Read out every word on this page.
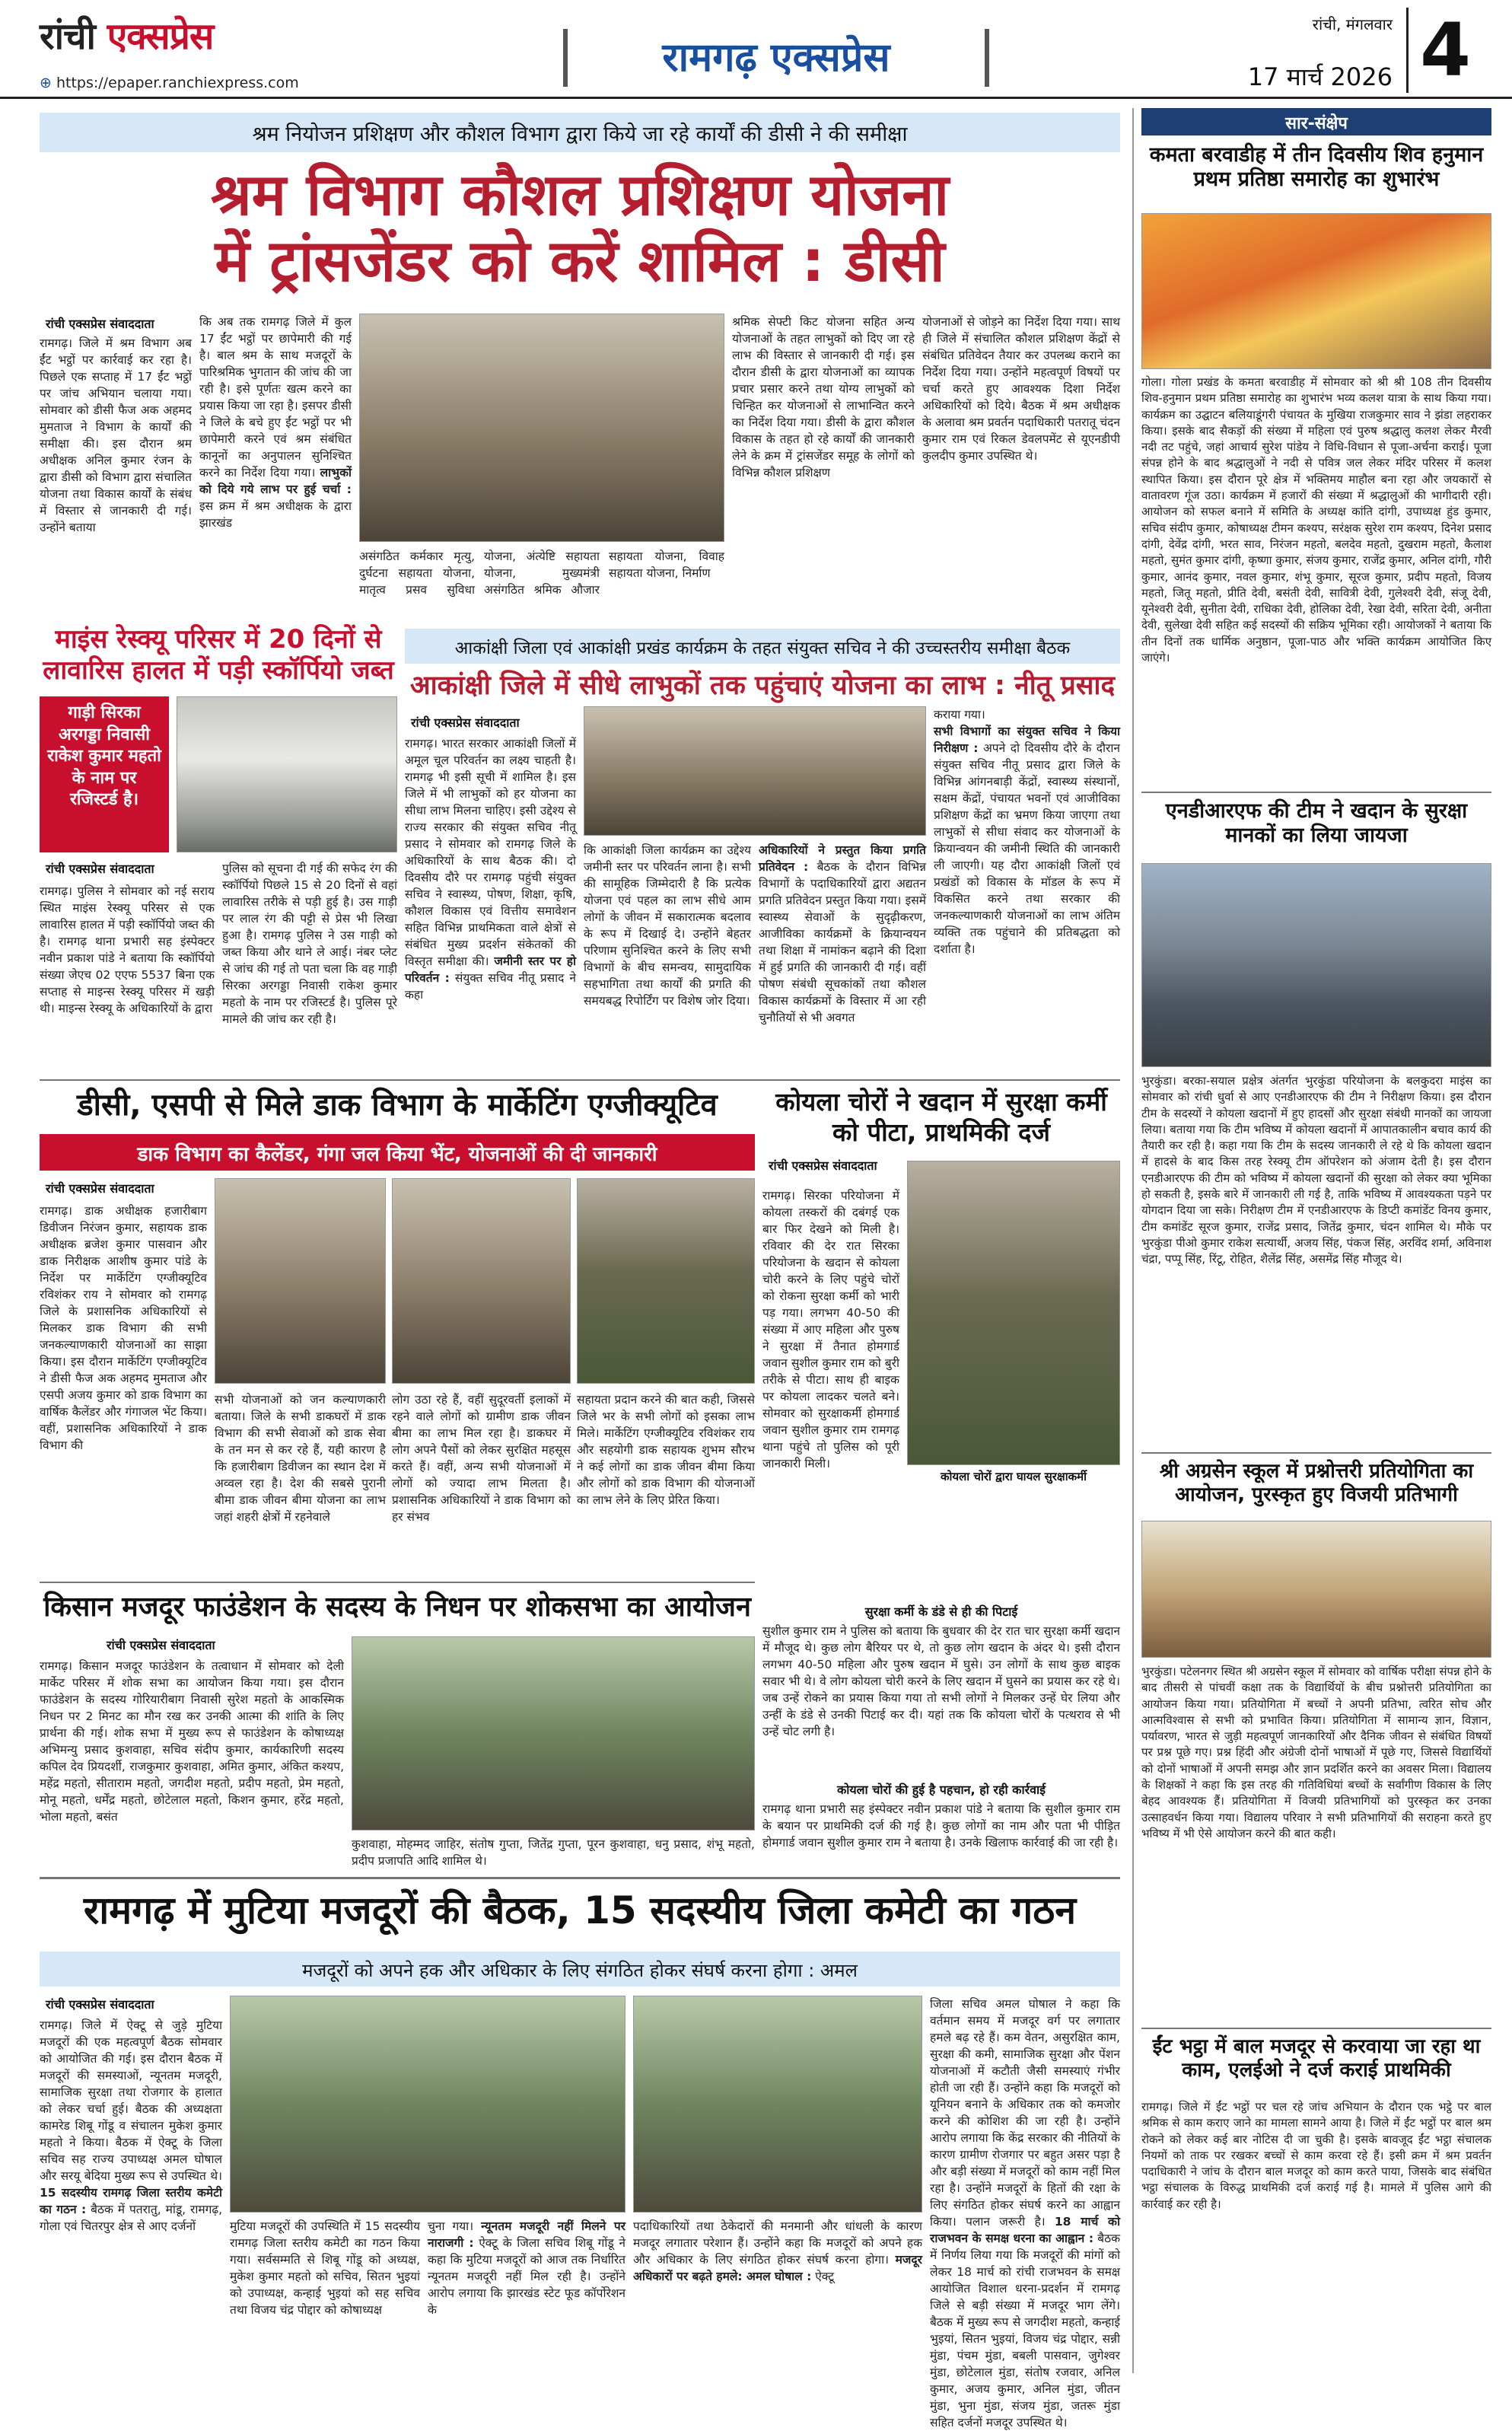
रांची एक्सप्रेस
⊕ https://epaper.ranchiexpress.com
रामगढ़ एक्सप्रेस
रांची, मंगलवार
17 मार्च 2026 4
श्रम नियोजन प्रशिक्षण और कौशल विभाग द्वारा किये जा रहे कार्यों की डीसी ने की समीक्षा
श्रम विभाग कौशल प्रशिक्षण योजना
में ट्रांसजेंडर को करें शामिल : डीसी
रांची एक्सप्रेस संवाददाता
रामगढ़। जिले में श्रम विभाग अब ईंट भट्ठों पर कार्रवाई कर रहा है। पिछले एक सप्ताह में 17 ईंट भट्ठों पर जांच अभियान चलाया गया। सोमवार को डीसी फैज अक अहमद मुमताज ने विभाग के कार्यों की समीक्षा की। इस दौरान श्रम अधीक्षक अनिल कुमार रंजन के द्वारा डीसी को विभाग द्वारा संचालित योजना तथा विकास कार्यों के संबंध में विस्तार से जानकारी दी गई। उन्होंने बताया
कि अब तक रामगढ़ जिले में कुल 17 ईंट भट्ठों पर छापेमारी की गई है। बाल श्रम के साथ मजदूरों के पारिश्रमिक भुगतान की जांच की जा रही है। इसे पूर्णतः खत्म करने का प्रयास किया जा रहा है। इसपर डीसी ने जिले के बचे हुए ईंट भट्ठों पर भी छापेमारी करने एवं श्रम संबंधित कानूनों का अनुपालन सुनिश्चित करने का निर्देश दिया गया। लाभुकों को दिये गये लाभ पर हुई चर्चा : इस क्रम में श्रम अधीक्षक के द्वारा झारखंड
असंगठित कर्मकार मृत्यु, दुर्घटना सहायता योजना, मातृत्व प्रसव सुविधा योजना, अंत्येष्टि सहायता योजना, मुख्यमंत्री असंगठित श्रमिक औजार सहायता योजना, विवाह सहायता योजना, निर्माण
श्रमिक सेफ्टी किट योजना सहित अन्य योजनाओं के तहत लाभुकों को दिए जा रहे लाभ की विस्तार से जानकारी दी गई। इस दौरान डीसी के द्वारा योजनाओं का व्यापक प्रचार प्रसार करने तथा योग्य लाभुकों को चिन्हित कर योजनाओं से लाभान्वित करने का निर्देश दिया गया। डीसी के द्वारा कौशल विकास के तहत हो रहे कार्यों की जानकारी लेने के क्रम में ट्रांसजेंडर समूह के लोगों को विभिन्न कौशल प्रशिक्षण
योजनाओं से जोड़ने का निर्देश दिया गया। साथ ही जिले में संचालित कौशल प्रशिक्षण केंद्रों से संबंधित प्रतिवेदन तैयार कर उपलब्ध कराने का निर्देश दिया गया। उन्होंने महत्वपूर्ण विषयों पर चर्चा करते हुए आवश्यक दिशा निर्देश अधिकारियों को दिये। बैठक में श्रम अधीक्षक के अलावा श्रम प्रवर्तन पदाधिकारी पतरातू चंदन कुमार राम एवं रिकल डेवलपमेंट से यूएनडीपी कुलदीप कुमार उपस्थित थे।
माइंस रेस्क्यू परिसर में 20 दिनों से लावारिस हालत में पड़ी स्कॉर्पियो जब्त
गाड़ी सिरका अरगड्डा निवासी राकेश कुमार महतो के नाम पर रजिस्टर्ड है।
रांची एक्सप्रेस संवाददाता
रामगढ़। पुलिस ने सोमवार को नई सराय स्थित माइंस रेस्क्यू परिसर से एक लावारिस हालत में पड़ी स्कॉर्पियो जब्त की है। रामगढ़ थाना प्रभारी सह इंस्पेक्टर नवीन प्रकाश पांडे ने बताया कि स्कॉर्पियो संख्या जेएच 02 एएफ 5537 बिना एक सप्ताह से माइन्स रेस्क्यू परिसर में खड़ी थी। माइन्स रेस्क्यू के अधिकारियों के द्वारा
पुलिस को सूचना दी गई की सफेद रंग की स्कॉर्पियो पिछले 15 से 20 दिनों से वहां लावारिस तरीके से पड़ी हुई है। उस गाड़ी पर लाल रंग की पट्टी से प्रेस भी लिखा हुआ है। रामगढ़ पुलिस ने उस गाड़ी को जब्त किया और थाने ले आई। नंबर प्लेट से जांच की गई तो पता चला कि वह गाड़ी सिरका अरगड्डा निवासी राकेश कुमार महतो के नाम पर रजिस्टर्ड है। पुलिस पूरे मामले की जांच कर रही है।
आकांक्षी जिला एवं आकांक्षी प्रखंड कार्यक्रम के तहत संयुक्त सचिव ने की उच्चस्तरीय समीक्षा बैठक
आकांक्षी जिले में सीधे लाभुकों तक पहुंचाएं योजना का लाभ : नीतू प्रसाद
रांची एक्सप्रेस संवाददाता
रामगढ़। भारत सरकार आकांक्षी जिलों में अमूल चूल परिवर्तन का लक्ष्य चाहती है। रामगढ़ भी इसी सूची में शामिल है। इस जिले में भी लाभुकों को हर योजना का सीधा लाभ मिलना चाहिए। इसी उद्देश्य से राज्य सरकार की संयुक्त सचिव नीतू प्रसाद ने सोमवार को रामगढ़ जिले के अधिकारियों के साथ बैठक की। दो दिवसीय दौरे पर रामगढ़ पहुंची संयुक्त सचिव ने स्वास्थ्य, पोषण, शिक्षा, कृषि, कौशल विकास एवं वित्तीय समावेशन सहित विभिन्न प्राथमिकता वाले क्षेत्रों से संबंधित मुख्य प्रदर्शन संकेतकों की विस्तृत समीक्षा की। जमीनी स्तर पर हो परिवर्तन : संयुक्त सचिव नीतू प्रसाद ने कहा
कि आकांक्षी जिला कार्यक्रम का उद्देश्य जमीनी स्तर पर परिवर्तन लाना है। सभी की सामूहिक जिम्मेदारी है कि प्रत्येक योजना एवं पहल का लाभ सीधे आम लोगों के जीवन में सकारात्मक बदलाव के रूप में दिखाई दे। उन्होंने बेहतर परिणाम सुनिश्चित करने के लिए सभी विभागों के बीच समन्वय, सामुदायिक सहभागिता तथा कार्यों की प्रगति की समयबद्ध रिपोर्टिंग पर विशेष जोर दिया।
अधिकारियों ने प्रस्तुत किया प्रगति प्रतिवेदन : बैठक के दौरान विभिन्न विभागों के पदाधिकारियों द्वारा अद्यतन प्रगति प्रतिवेदन प्रस्तुत किया गया। इसमें स्वास्थ्य सेवाओं के सुदृढ़ीकरण, आजीविका कार्यक्रमों के क्रियान्वयन तथा शिक्षा में नामांकन बढ़ाने की दिशा में हुई प्रगति की जानकारी दी गई। वहीं पोषण संबंधी सूचकांकों तथा कौशल विकास कार्यक्रमों के विस्तार में आ रही चुनौतियों से भी अवगत
कराया गया।
सभी विभागों का संयुक्त सचिव ने किया निरीक्षण : अपने दो दिवसीय दौरे के दौरान संयुक्त सचिव नीतू प्रसाद द्वारा जिले के विभिन्न आंगनबाड़ी केंद्रों, स्वास्थ्य संस्थानों, सक्षम केंद्रों, पंचायत भवनों एवं आजीविका प्रशिक्षण केंद्रों का भ्रमण किया जाएगा तथा लाभुकों से सीधा संवाद कर योजनाओं के क्रियान्वयन की जमीनी स्थिति की जानकारी ली जाएगी। यह दौरा आकांक्षी जिलों एवं प्रखंडों को विकास के मॉडल के रूप में विकसित करने तथा सरकार की जनकल्याणकारी योजनाओं का लाभ अंतिम व्यक्ति तक पहुंचाने की प्रतिबद्धता को दर्शाता है।
डीसी, एसपी से मिले डाक विभाग के मार्केटिंग एग्जीक्यूटिव
डाक विभाग का कैलेंडर, गंगा जल किया भेंट, योजनाओं की दी जानकारी
रांची एक्सप्रेस संवाददाता
रामगढ़। डाक अधीक्षक हजारीबाग डिवीजन निरंजन कुमार, सहायक डाक अधीक्षक ब्रजेश कुमार पासवान और डाक निरीक्षक आशीष कुमार पांडे के निर्देश पर मार्केटिंग एग्जीक्यूटिव रविशंकर राय ने सोमवार को रामगढ़ जिले के प्रशासनिक अधिकारियों से मिलकर डाक विभाग की सभी जनकल्याणकारी योजनाओं का साझा किया। इस दौरान मार्केटिंग एग्जीक्यूटिव ने डीसी फैज अक अहमद मुमताज और एसपी अजय कुमार को डाक विभाग का वार्षिक कैलेंडर और गंगाजल भेंट किया। वहीं, प्रशासनिक अधिकारियों ने डाक विभाग की
सभी योजनाओं को जन कल्याणकारी बताया। जिले के सभी डाकघरों में डाक विभाग की सभी सेवाओं को डाक सेवा के तन मन से कर रहे हैं, यही कारण है कि हजारीबाग डिवीजन का स्थान देश में अव्वल रहा है। देश की सबसे पुरानी बीमा डाक जीवन बीमा योजना का लाभ जहां शहरी क्षेत्रों में रहनेवाले
लोग उठा रहे हैं, वहीं सुदूरवर्ती इलाकों में रहने वाले लोगों को ग्रामीण डाक जीवन बीमा का लाभ मिल रहा है। डाकघर में लोग अपने पैसों को लेकर सुरक्षित महसूस करते हैं। वहीं, अन्य सभी योजनाओं में लोगों को ज्यादा लाभ मिलता है। प्रशासनिक अधिकारियों ने डाक विभाग को हर संभव
सहायता प्रदान करने की बात कही, जिससे जिले भर के सभी लोगों को इसका लाभ मिले। मार्केटिंग एग्जीक्यूटिव रविशंकर राय और सहयोगी डाक सहायक शुभम सौरभ ने कई लोगों का डाक जीवन बीमा किया और लोगों को डाक विभाग की योजनाओं का लाभ लेने के लिए प्रेरित किया।
कोयला चोरों ने खदान में सुरक्षा कर्मी को पीटा, प्राथमिकी दर्ज
रांची एक्सप्रेस संवाददाता
रामगढ़। सिरका परियोजना में कोयला तस्करों की दबंगई एक बार फिर देखने को मिली है। रविवार की देर रात सिरका परियोजना के खदान से कोयला चोरी करने के लिए पहुंचे चोरों को रोकना सुरक्षा कर्मी को भारी पड़ गया। लगभग 40-50 की संख्या में आए महिला और पुरुष ने सुरक्षा में तैनात होमगार्ड जवान सुशील कुमार राम को बुरी तरीके से पीटा। साथ ही बाइक पर कोयला लादकर चलते बने। सोमवार को सुरक्षाकर्मी होमगार्ड जवान सुशील कुमार राम रामगढ़ थाना पहुंचे तो पुलिस को पूरी जानकारी मिली।
कोयला चोरों द्वारा घायल सुरक्षाकर्मी
सुरक्षा कर्मी के डंडे से ही की पिटाई
सुशील कुमार राम ने पुलिस को बताया कि बुधवार की देर रात चार सुरक्षा कर्मी खदान में मौजूद थे। कुछ लोग बैरियर पर थे, तो कुछ लोग खदान के अंदर थे। इसी दौरान लगभग 40-50 महिला और पुरुष खदान में घुसे। उन लोगों के साथ कुछ बाइक सवार भी थे। वे लोग कोयला चोरी करने के लिए खदान में घुसने का प्रयास कर रहे थे। जब उन्हें रोकने का प्रयास किया गया तो सभी लोगों ने मिलकर उन्हें घेर लिया और उन्हीं के डंडे से उनकी पिटाई कर दी। यहां तक कि कोयला चोरों के पत्थराव से भी उन्हें चोट लगी है।
कोयला चोरों की हुई है पहचान, हो रही कार्रवाई
रामगढ़ थाना प्रभारी सह इंस्पेक्टर नवीन प्रकाश पांडे ने बताया कि सुशील कुमार राम के बयान पर प्राथमिकी दर्ज की गई है। कुछ लोगों का नाम और पता भी पीड़ित होमगार्ड जवान सुशील कुमार राम ने बताया है। उनके खिलाफ कार्रवाई की जा रही है।
किसान मजदूर फाउंडेशन के सदस्य के निधन पर शोकसभा का आयोजन
रांची एक्सप्रेस संवाददाता
रामगढ़। किसान मजदूर फाउंडेशन के तत्वाधान में सोमवार को देली मार्केट परिसर में शोक सभा का आयोजन किया गया। इस दौरान फाउंडेशन के सदस्य गोरियारीबाग निवासी सुरेश महतो के आकस्मिक निधन पर 2 मिनट का मौन रख कर उनकी आत्मा की शांति के लिए प्रार्थना की गई। शोक सभा में मुख्य रूप से फाउंडेशन के कोषाध्यक्ष अभिमन्यु प्रसाद कुशवाहा, सचिव संदीप कुमार, कार्यकारिणी सदस्य कपिल देव प्रियदर्शी, राजकुमार कुशवाहा, अमित कुमार, अंकित कश्यप, महेंद्र महतो, सीताराम महतो, जगदीश महतो, प्रदीप महतो, प्रेम महतो, मोनू महतो, धर्मेंद्र महतो, छोटेलाल महतो, किशन कुमार, हरेंद्र महतो, भोला महतो, बसंत
कुशवाहा, मोहम्मद जाहिर, संतोष गुप्ता, जितेंद्र गुप्ता, पूरन कुशवाहा, धनु प्रसाद, शंभू महतो, प्रदीप प्रजापति आदि शामिल थे।
रामगढ़ में मुटिया मजदूरों की बैठक, 15 सदस्यीय जिला कमेटी का गठन
मजदूरों को अपने हक और अधिकार के लिए संगठित होकर संघर्ष करना होगा : अमल
रांची एक्सप्रेस संवाददाता
रामगढ़। जिले में ऐक्टू से जुड़े मुटिया मजदूरों की एक महत्वपूर्ण बैठक सोमवार को आयोजित की गई। इस दौरान बैठक में मजदूरों की समस्याओं, न्यूनतम मजदूरी, सामाजिक सुरक्षा तथा रोजगार के हालात को लेकर चर्चा हुई। बैठक की अध्यक्षता कामरेड शिबू गोंडू व संचालन मुकेश कुमार महतो ने किया। बैठक में ऐक्टू के जिला सचिव सह राज्य उपाध्यक्ष अमल घोषाल और सरयू बेदिया मुख्य रूप से उपस्थित थे। 15 सदस्यीय रामगढ़ जिला स्तरीय कमेटी का गठन : बैठक में पतरातु, मांडू, रामगढ़, गोला एवं चितरपुर क्षेत्र से आए दर्जनों	मुटिया मजदूरों की उपस्थिति में 15 सदस्यीय रामगढ़ जिला स्तरीय कमेटी का गठन किया गया। सर्वसम्मति से शिबू गोंडू को अध्यक्ष, मुकेश कुमार महतो को सचिव, सितन भुइयां को उपाध्यक्ष, कन्हाई भुइयां को सह सचिव तथा विजय चंद्र पोद्दार को कोषाध्यक्ष
चुना गया। न्यूनतम मजदूरी नहीं मिलने पर नाराजगी : ऐक्टू के जिला सचिव शिबू गोंडू ने कहा कि मुटिया मजदूरों को आज तक निर्धारित न्यूनतम मजदूरी नहीं मिल रही है। उन्होंने आरोप लगाया कि झारखंड स्टेट फूड कॉर्पोरेशन के
पदाधिकारियों तथा ठेकेदारों की मनमानी और धांधली के कारण मजदूर लगातार परेशान हैं। उन्होंने कहा कि मजदूरों को अपने हक और अधिकार के लिए संगठित होकर संघर्ष करना होगा। मजदूर अधिकारों पर बढ़ते हमले: अमल घोषाल : ऐक्टू
जिला सचिव अमल घोषाल ने कहा कि वर्तमान समय में मजदूर वर्ग पर लगातार हमले बढ़ रहे हैं। कम वेतन, असुरक्षित काम, सुरक्षा की कमी, सामाजिक सुरक्षा और पेंशन योजनाओं में कटौती जैसी समस्याएं गंभीर होती जा रही हैं। उन्होंने कहा कि मजदूरों को यूनियन बनाने के अधिकार तक को कमजोर करने की कोशिश की जा रही है। उन्होंने आरोप लगाया कि केंद्र सरकार की नीतियों के कारण ग्रामीण रोजगार पर बहुत असर पड़ा है और बड़ी संख्या में मजदूरों को काम नहीं मिल रहा है। उन्होंने मजदूरों के हितों की रक्षा के लिए संगठित होकर संघर्ष करने का आह्वान किया। पलान जरूरी है। 18 मार्च को राजभवन के समक्ष धरना का आह्वान : बैठक में निर्णय लिया गया कि मजदूरों की मांगों को लेकर 18 मार्च को रांची राजभवन के समक्ष आयोजित विशाल धरना-प्रदर्शन में रामगढ़ जिले से बड़ी संख्या में मजदूर भाग लेंगे। बैठक में मुख्य रूप से जगदीश महतो, कन्हाई भुइयां, सितन भुइयां, विजय चंद्र पोद्दार, सन्नी मुंडा, पंचम मुंडा, बबली पासवान, जुगेश्वर मुंडा, छोटेलाल मुंडा, संतोष रजवार, अनिल कुमार, अजय कुमार, अनिल मुंडा, जीतन मुंडा, भुना मुंडा, संजय मुंडा, जतरू मुंडा सहित दर्जनों मजदूर उपस्थित थे।
सार-संक्षेप
कमता बरवाडीह में तीन दिवसीय शिव हनुमान प्रथम प्रतिष्ठा समारोह का शुभारंभ
गोला। गोला प्रखंड के कमता बरवाडीह में सोमवार को श्री श्री 108 तीन दिवसीय शिव-हनुमान प्रथम प्रतिष्ठा समारोह का शुभारंभ भव्य कलश यात्रा के साथ किया गया। कार्यक्रम का उद्घाटन बलियाडूंगरी पंचायत के मुखिया राजकुमार साव ने झंडा लहराकर किया। इसके बाद सैकड़ों की संख्या में महिला एवं पुरुष श्रद्धालु कलश लेकर मैरवी नदी तट पहुंचे, जहां आचार्य सुरेश पांडेय ने विधि-विधान से पूजा-अर्चना कराई। पूजा संपन्न होने के बाद श्रद्धालुओं ने नदी से पवित्र जल लेकर मंदिर परिसर में कलश स्थापित किया। इस दौरान पूरे क्षेत्र में भक्तिमय माहौल बना रहा और जयकारों से वातावरण गूंज उठा। कार्यक्रम में हजारों की संख्या में श्रद्धालुओं की भागीदारी रही। आयोजन को सफल बनाने में समिति के अध्यक्ष कांति दांगी, उपाध्यक्ष हुंड कुमार, सचिव संदीप कुमार, कोषाध्यक्ष टीमन कश्यप, सरंक्षक सुरेश राम कश्यप, दिनेश प्रसाद दांगी, देवेंद्र दांगी, भरत साव, निरंजन महतो, बलदेव महतो, दुखराम महतो, कैलाश महतो, सुमंत कुमार दांगी, कृष्णा कुमार, संजय कुमार, राजेंद्र कुमार, अनिल दांगी, गौरी कुमार, आनंद कुमार, नवल कुमार, शंभू कुमार, सूरज कुमार, प्रदीप महतो, विजय महतो, जितू महतो, प्रीति देवी, बसंती देवी, सावित्री देवी, गुलेश्वरी देवी, संजू देवी, यूनेश्वरी देवी, सुनीता देवी, राधिका देवी, होलिका देवी, रेखा देवी, सरिता देवी, अनीता देवी, सुलेखा देवी सहित कई सदस्यों की सक्रिय भूमिका रही। आयोजकों ने बताया कि तीन दिनों तक धार्मिक अनुष्ठान, पूजा-पाठ और भक्ति कार्यक्रम आयोजित किए जाएंगे।
एनडीआरएफ की टीम ने खदान के सुरक्षा मानकों का लिया जायजा
भुरकुंडा। बरका-सयाल प्रक्षेत्र अंतर्गत भुरकुंडा परियोजना के बलकुदरा माइंस का सोमवार को रांची धुर्वा से आए एनडीआरएफ की टीम ने निरीक्षण किया। इस दौरान टीम के सदस्यों ने कोयला खदानों में हुए हादसों और सुरक्षा संबंधी मानकों का जायजा लिया। बताया गया कि टीम भविष्य में कोयला खदानों में आपातकालीन बचाव कार्य की तैयारी कर रही है। कहा गया कि टीम के सदस्य जानकारी ले रहे थे कि कोयला खदान में हादसे के बाद किस तरह रेस्क्यू टीम ऑपरेशन को अंजाम देती है। इस दौरान एनडीआरएफ की टीम को भविष्य में कोयला खदानों की सुरक्षा को लेकर क्या भूमिका हो सकती है, इसके बारे में जानकारी ली गई है, ताकि भविष्य में आवश्यकता पड़ने पर योगदान दिया जा सके। निरीक्षण टीम में एनडीआरएफ के डिप्टी कमांडेंट विनय कुमार, टीम कमांडेंट सूरज कुमार, राजेंद्र प्रसाद, जितेंद्र कुमार, चंदन शामिल थे। मौके पर भुरकुंडा पीओ कुमार राकेश सत्यार्थी, अजय सिंह, पंकज सिंह, अरविंद शर्मा, अविनाश चंद्रा, पप्पू सिंह, रिंटू, रोहित, शैलेंद्र सिंह, असमेंद्र सिंह मौजूद थे।
श्री अग्रसेन स्कूल में प्रश्नोत्तरी प्रतियोगिता का आयोजन, पुरस्कृत हुए विजयी प्रतिभागी
भुरकुंडा। पटेलनगर स्थित श्री अग्रसेन स्कूल में सोमवार को वार्षिक परीक्षा संपन्न होने के बाद तीसरी से पांचवीं कक्षा तक के विद्यार्थियों के बीच प्रश्नोत्तरी प्रतियोगिता का आयोजन किया गया। प्रतियोगिता में बच्चों ने अपनी प्रतिभा, त्वरित सोच और आत्मविश्वास से सभी को प्रभावित किया। प्रतियोगिता में सामान्य ज्ञान, विज्ञान, पर्यावरण, भारत से जुड़ी महत्वपूर्ण जानकारियों और दैनिक जीवन से संबंधित विषयों पर प्रश्न पूछे गए। प्रश्न हिंदी और अंग्रेजी दोनों भाषाओं में पूछे गए, जिससे विद्यार्थियों को दोनों भाषाओं में अपनी समझ और ज्ञान प्रदर्शित करने का अवसर मिला। विद्यालय के शिक्षकों ने कहा कि इस तरह की गतिविधियां बच्चों के सर्वांगीण विकास के लिए बेहद आवश्यक हैं। प्रतियोगिता में विजयी प्रतिभागियों को पुरस्कृत कर उनका उत्साहवर्धन किया गया। विद्यालय परिवार ने सभी प्रतिभागियों की सराहना करते हुए भविष्य में भी ऐसे आयोजन करने की बात कही।
ईंट भट्ठा में बाल मजदूर से करवाया जा रहा था काम, एलईओ ने दर्ज कराई प्राथमिकी
रामगढ़। जिले में ईंट भट्ठों पर चल रहे जांच अभियान के दौरान एक भट्ठे पर बाल श्रमिक से काम कराए जाने का मामला सामने आया है। जिले में ईंट भट्ठों पर बाल श्रम रोकने को लेकर कई बार नोटिस दी जा चुकी है। इसके बावजूद ईंट भट्ठा संचालक नियमों को ताक पर रखकर बच्चों से काम करवा रहे हैं। इसी क्रम में श्रम प्रवर्तन पदाधिकारी ने जांच के दौरान बाल मजदूर को काम करते पाया, जिसके बाद संबंधित भट्ठा संचालक के विरुद्ध प्राथमिकी दर्ज कराई गई है। मामले में पुलिस आगे की कार्रवाई कर रही है।
